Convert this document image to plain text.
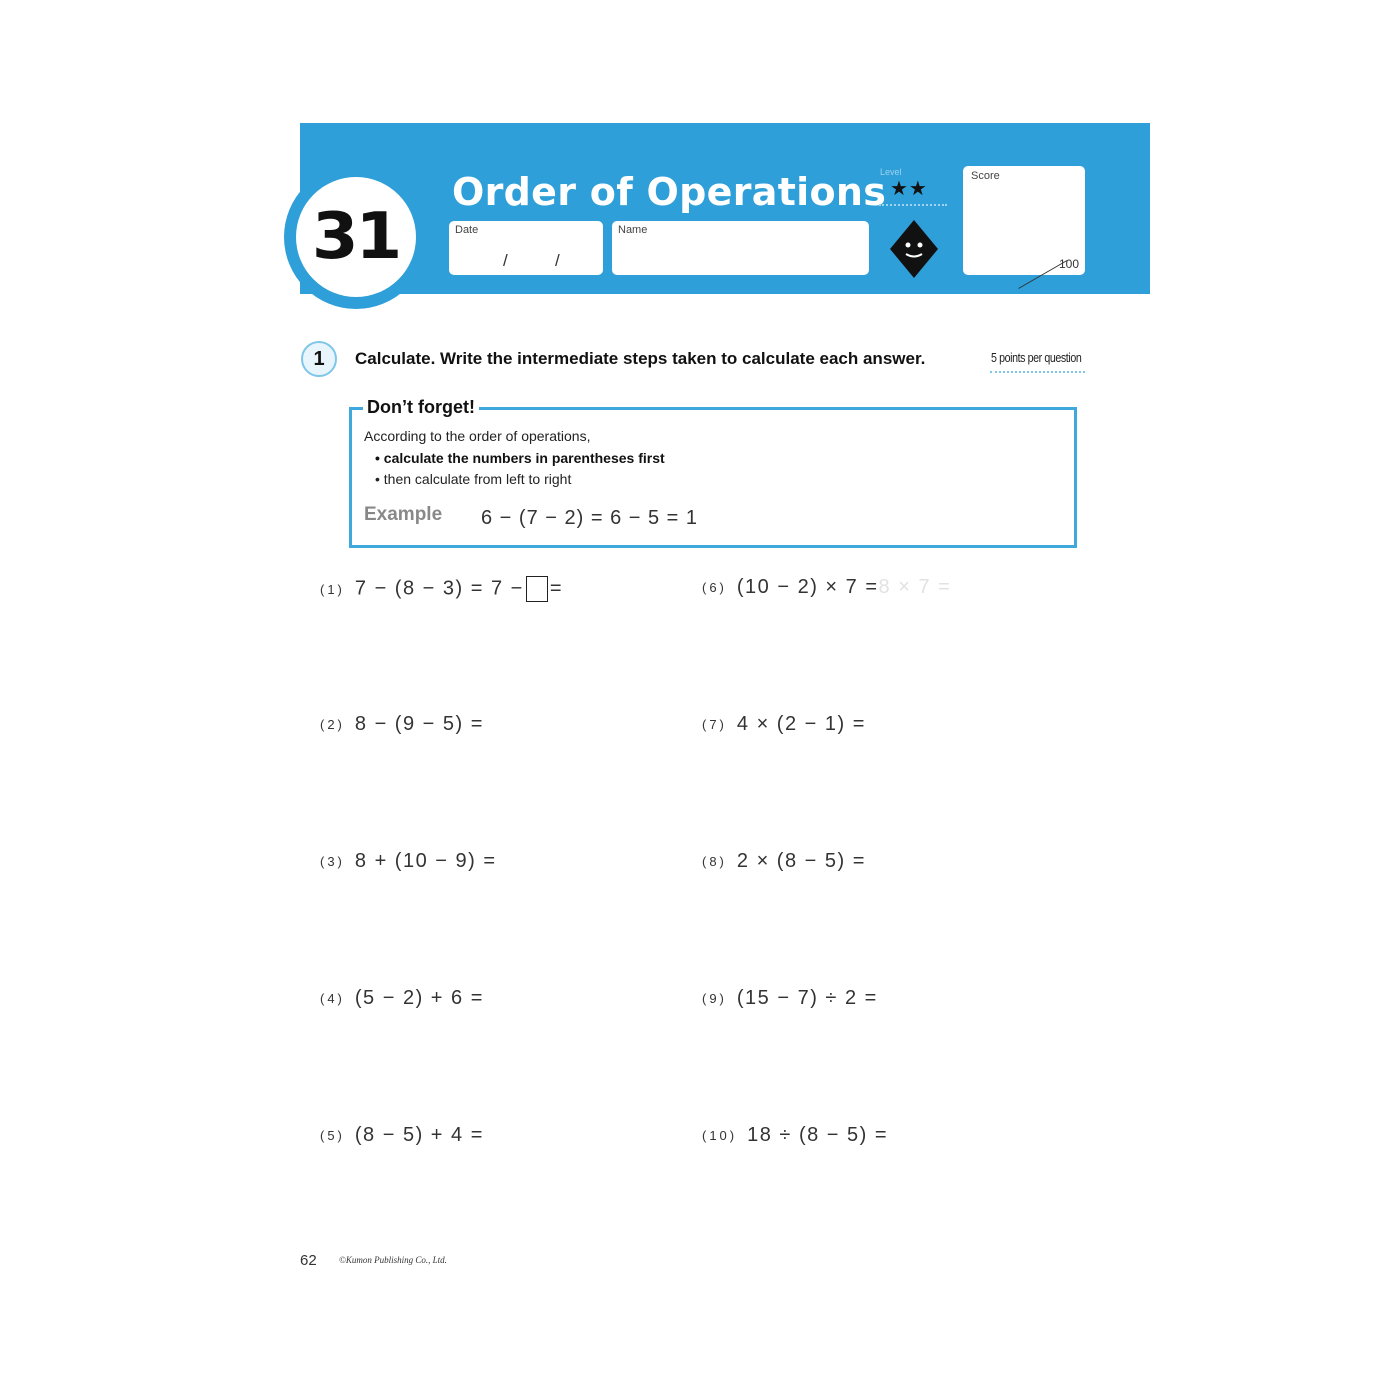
31
Order of Operations
Date
/	/
Name
Level
★★
Score
100
1	Calculate. Write the intermediate steps taken to calculate each answer.	5 points per question
Don’t forget!
According to the order of operations,
• calculate the numbers in parentheses first
• then calculate from left to right
Example 6 − (7 − 2) = 6 − 5 = 1
(1) 7 − (8 − 3) = 7 − =
(2) 8 − (9 − 5) =
(3) 8 + (10 − 9) =
(4) (5 − 2) + 6 =
(5) (8 − 5) + 4 =
(6) (10 − 2) × 7 =8 × 7 =
(7) 4 × (2 − 1) =
(8) 2 × (8 − 5) =
(9) (15 − 7) ÷ 2 =
(10) 18 ÷ (8 − 5) =
62 ©Kumon Publishing Co., Ltd.
